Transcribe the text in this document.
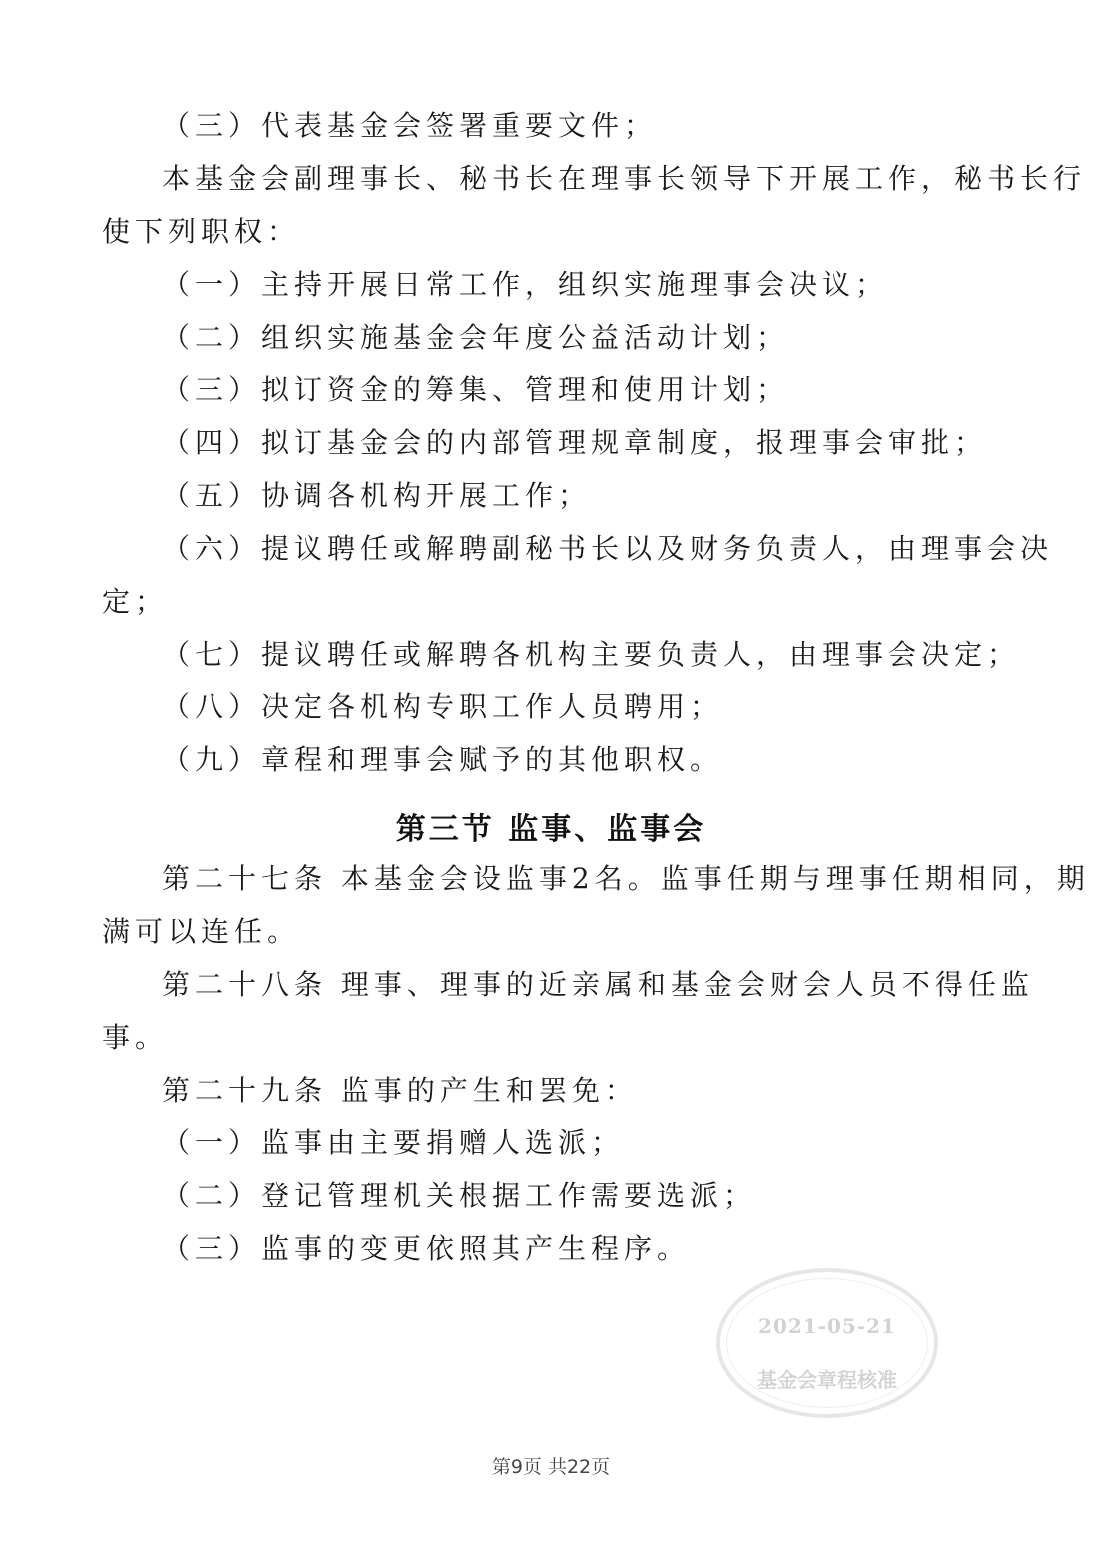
（三）代表基金会签署重要文件；
本基金会副理事长、秘书长在理事长领导下开展工作，秘书长行
使下列职权：
（一）主持开展日常工作，组织实施理事会决议；
（二）组织实施基金会年度公益活动计划；
（三）拟订资金的筹集、管理和使用计划；
（四）拟订基金会的内部管理规章制度，报理事会审批；
（五）协调各机构开展工作；
（六）提议聘任或解聘副秘书长以及财务负责人，由理事会决
定；
（七）提议聘任或解聘各机构主要负责人，由理事会决定；
（八）决定各机构专职工作人员聘用；
（九）章程和理事会赋予的其他职权。
第三节 监事、监事会
第二十七条 本基金会设监事2名。监事任期与理事任期相同，期
满可以连任。
第二十八条 理事、理事的近亲属和基金会财会人员不得任监
事。
第二十九条 监事的产生和罢免：
（一）监事由主要捐赠人选派；
（二）登记管理机关根据工作需要选派；
（三）监事的变更依照其产生程序。
2021-05-21
基金会章程核准
第9页 共22页
